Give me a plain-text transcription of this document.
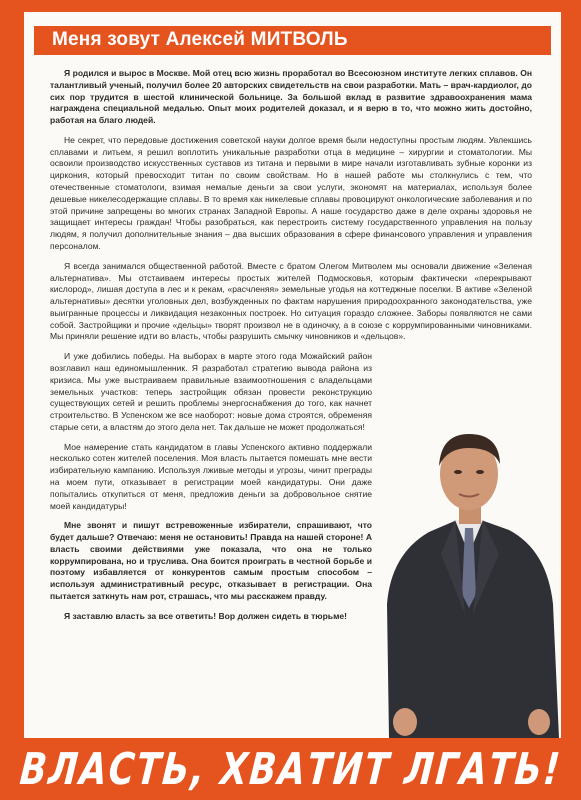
Меня зовут Алексей МИТВОЛЬ

Я родился и вырос в Москве. Мой отец всю жизнь проработал во Всесоюзном институте легких сплавов. Он талантливый ученый, получил более 20 авторских свидетельств на свои разработки. Мать – врач-кардиолог, до сих пор трудится в шестой клинической больнице. За большой вклад в развитие здравоохранения мама награждена специальной медалью. Опыт моих родителей доказал, и я верю в то, что можно жить достойно, работая на благо людей.

Не секрет, что передовые достижения советской науки долгое время были недоступны простым людям. Увлекшись сплавами и литьем, я решил воплотить уникальные разработки отца в медицине – хирургии и стоматологии. Мы освоили производство искусственных суставов из титана и первыми в мире начали изготавливать зубные коронки из циркония, который превосходит титан по своим свойствам. Но в нашей работе мы столкнулись с тем, что отечественные стоматологи, взимая немалые деньги за свои услуги, экономят на материалах, используя более дешевые никелесодержащие сплавы. В то время как никелевые сплавы провоцируют онкологические заболевания и по этой причине запрещены во многих странах Западной Европы. А наше государство даже в деле охраны здоровья не защищает интересы граждан! Чтобы разобраться, как перестроить систему государственного управления на пользу людям, я получил дополнительные знания – два высших образования в сфере финансового управления и управления персоналом.

Я всегда занимался общественной работой. Вместе с братом Олегом Митволем мы основали движение «Зеленая альтернатива». Мы отстаиваем интересы простых жителей Подмосковья, которым фактически «перекрывают кислород», лишая доступа в лес и к рекам, «расчленяя» земельные угодья на коттеджные поселки. В активе «Зеленой альтернативы» десятки уголовных дел, возбужденных по фактам нарушения природоохранного законодательства, уже выигранные процессы и ликвидация незаконных построек. Но ситуация гораздо сложнее. Заборы появляются не сами собой. Застройщики и прочие «дельцы» творят произвол не в одиночку, а в союзе с коррумпированными чиновниками. Мы приняли решение идти во власть, чтобы разрушить смычку чиновников и «дельцов».

И уже добились победы. На выборах в марте этого года Можайский район возглавил наш единомышленник. Я разработал стратегию вывода района из кризиса. Мы уже выстраиваем правильные взаимоотношения с владельцами земельных участков: теперь застройщик обязан провести реконструкцию существующих сетей и решить проблемы энергоснабжения до того, как начнет строительство. В Успенском же все наоборот: новые дома строятся, обременяя старые сети, а властям до этого дела нет. Так дальше не может продолжаться!

Мое намерение стать кандидатом в главы Успенского активно поддержали несколько сотен жителей поселения. Моя власть пытается помешать мне вести избирательную кампанию. Используя лживые методы и угрозы, чинит преграды на моем пути, отказывает в регистрации моей кандидатуры. Они даже попытались откупиться от меня, предложив деньги за добровольное снятие моей кандидатуры!

Мне звонят и пишут встревоженные избиратели, спрашивают, что будет дальше? Отвечаю: меня не остановить! Правда на нашей стороне! А власть своими действиями уже показала, что она не только коррумпирована, но и труслива. Она боится проиграть в честной борьбе и поэтому избавляется от конкурентов самым простым способом – используя административный ресурс, отказывает в регистрации. Она пытается заткнуть нам рот, страшась, что мы расскажем правду.

Я заставлю власть за все ответить! Вор должен сидеть в тюрьме!

ВЛАСТЬ, ХВАТИТ ЛГАТЬ!
